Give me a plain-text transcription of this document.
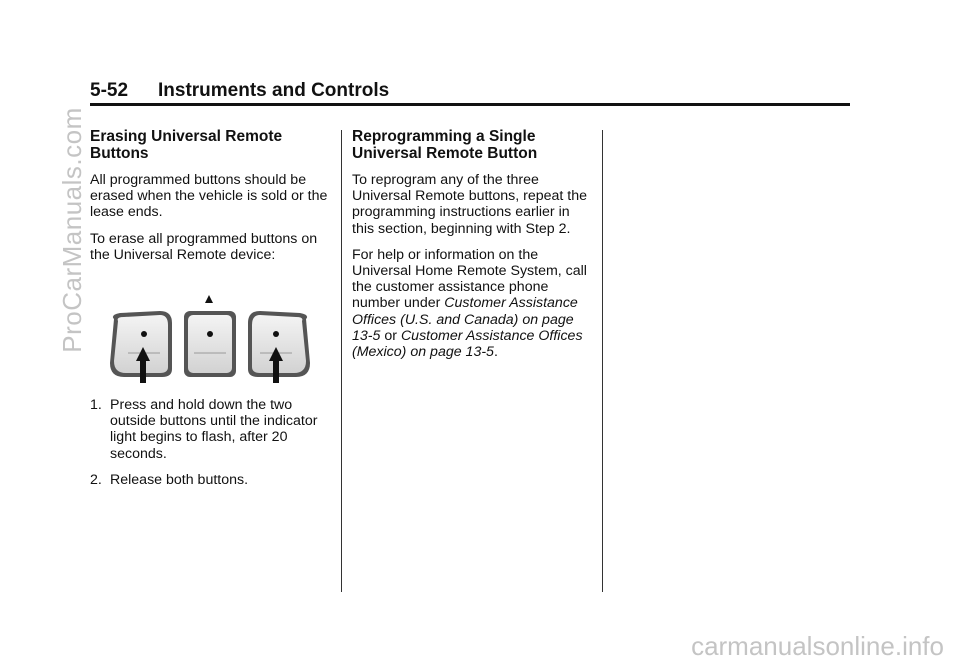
ProCarManuals.com
carmanualsonline.info
5-52 Instruments and Controls
Erasing Universal Remote Buttons

All programmed buttons should be erased when the vehicle is sold or the lease ends.

To erase all programmed buttons on the Universal Remote device:

1. Press and hold down the two outside buttons until the indicator light begins to flash, after 20 seconds.
2. Release both buttons.
Reprogramming a Single Universal Remote Button

To reprogram any of the three Universal Remote buttons, repeat the programming instructions earlier in this section, beginning with Step 2.

For help or information on the Universal Home Remote System, call the customer assistance phone number under Customer Assistance Offices (U.S. and Canada) on page 13-5 or Customer Assistance Offices (Mexico) on page 13-5.
